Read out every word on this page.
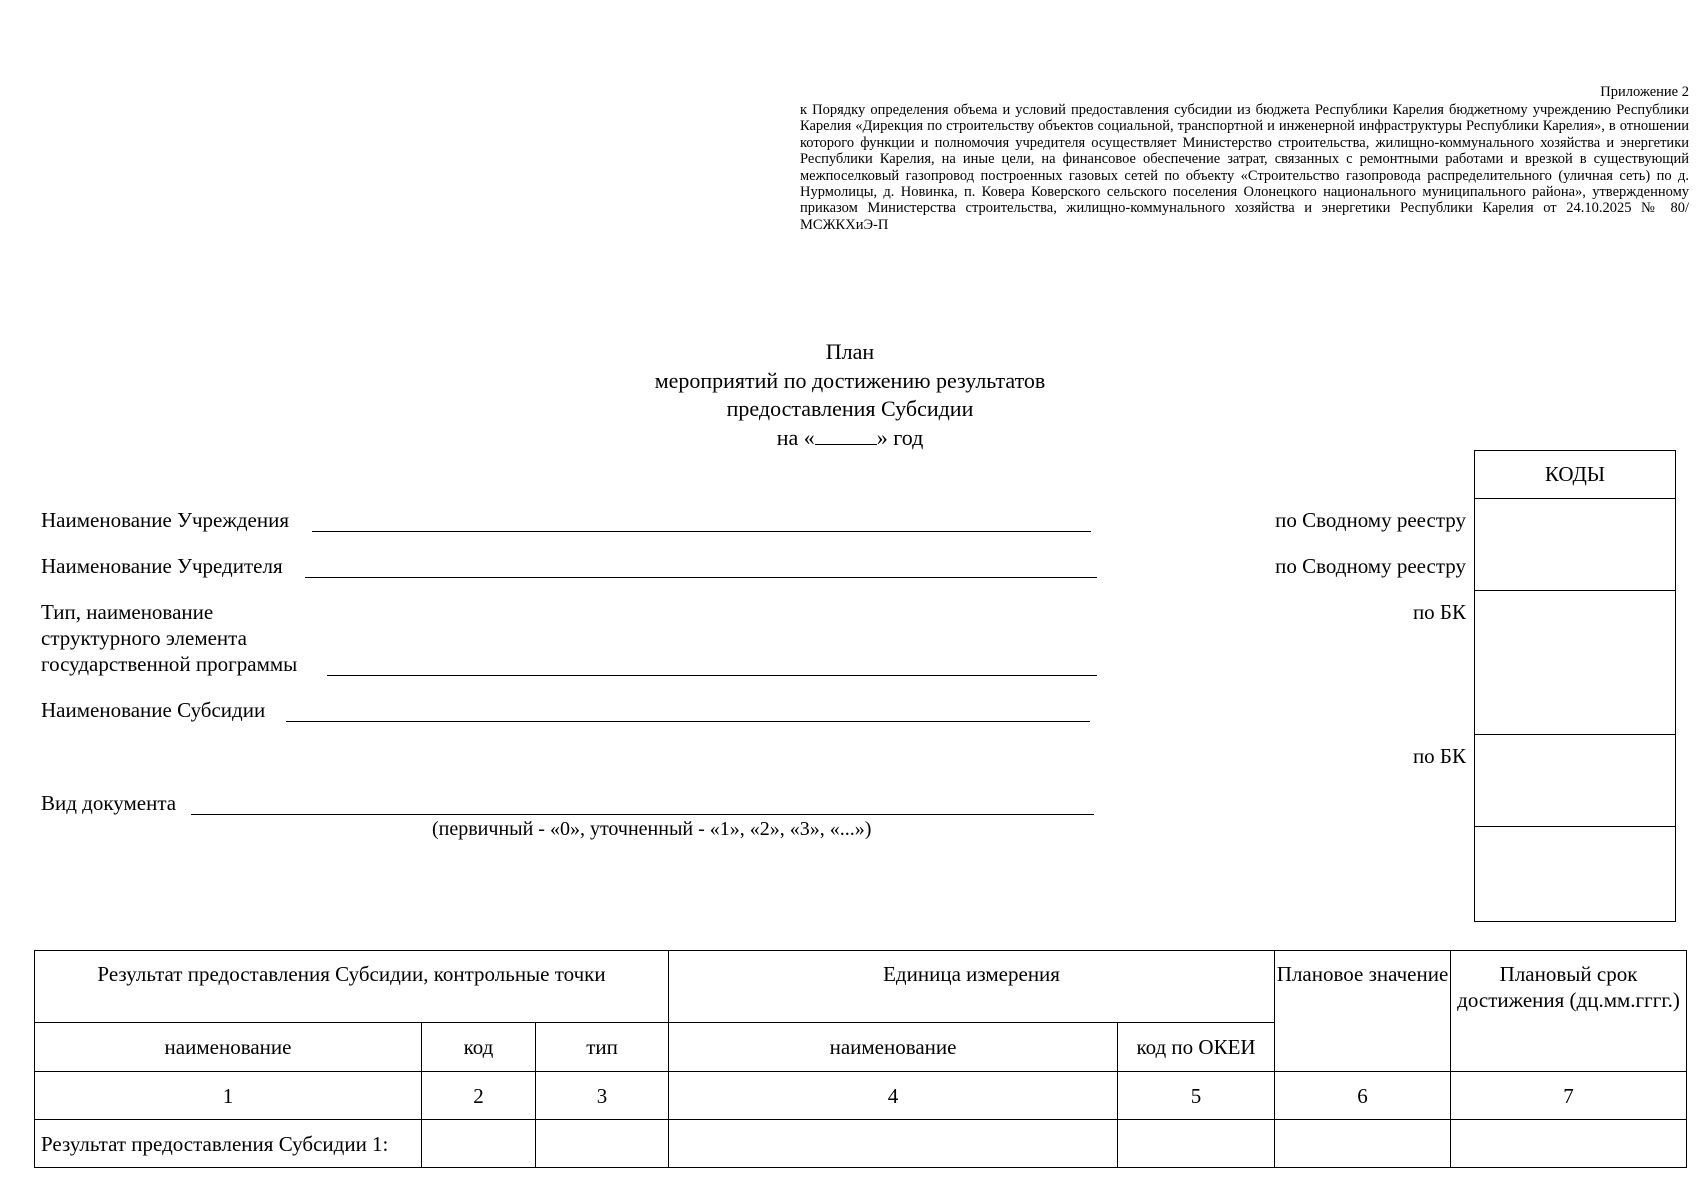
Приложение 2
к Порядку определения объема и условий предоставления субсидии из бюджета Республики Карелия бюджетному учреждению Республики Карелия «Дирекция по строительству объектов социальной, транспортной и инженерной инфраструктуры Республики Карелия», в отношении которого функции и полномочия учредителя осуществляет Министерство строительства, жилищно-коммунального хозяйства и энергетики Республики Карелия, на иные цели, на финансовое обеспечение затрат, связанных с ремонтными работами и врезкой в существующий межпоселковый газопровод построенных газовых сетей по объекту «Строительство газопровода распределительного (уличная сеть) по д. Нурмолицы, д. Новинка, п. Ковера Коверского сельского поселения Олонецкого национального муниципального района», утвержденному приказом Министерства строительства, жилищно-коммунального хозяйства и энергетики Республики Карелия от 24.10.2025 № 80/МСЖКХиЭ-П
План
мероприятий по достижению результатов
предоставления Субсидии
на «	» год
Наименование Учреждения
Наименование Учредителя
Тип, наименование
структурного элемента
государственной программы
Наименование Субсидии
Вид документа
(первичный - «0», уточненный - «1», «2», «3», «...»)
по Сводному реестру
по Сводному реестру
по БК
по БК
КОДЫ
Результат предоставления Субсидии, контрольные точки			Единица измерения		Плановое значение	Плановый срок достижения (дц.мм.гггг.)
наименование	код	тип	наименование	код по ОКЕИ		
1	2	3	4	5	6	7
Результат предоставления Субсидии 1:						
